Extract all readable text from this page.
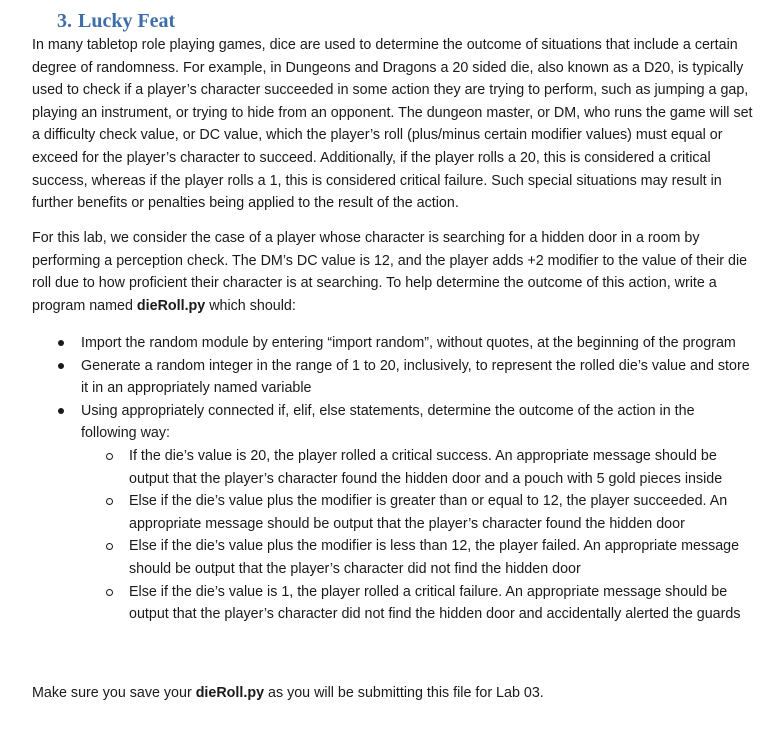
3. Lucky Feat

In many tabletop role playing games, dice are used to determine the outcome of situations that include a certain degree of randomness. For example, in Dungeons and Dragons a 20 sided die, also known as a D20, is typically used to check if a player’s character succeeded in some action they are trying to perform, such as jumping a gap, playing an instrument, or trying to hide from an opponent. The dungeon master, or DM, who runs the game will set a difficulty check value, or DC value, which the player’s roll (plus/minus certain modifier values) must equal or exceed for the player’s character to succeed. Additionally, if the player rolls a 20, this is considered a critical success, whereas if the player rolls a 1, this is considered critical failure. Such special situations may result in further benefits or penalties being applied to the result of the action.

For this lab, we consider the case of a player whose character is searching for a hidden door in a room by performing a perception check. The DM’s DC value is 12, and the player adds +2 modifier to the value of their die roll due to how proficient their character is at searching. To help determine the outcome of this action, write a program named dieRoll.py which should:

Import the random module by entering “import random”, without quotes, at the beginning of the program
Generate a random integer in the range of 1 to 20, inclusively, to represent the rolled die’s value and store it in an appropriately named variable
Using appropriately connected if, elif, else statements, determine the outcome of the action in the following way:
If the die’s value is 20, the player rolled a critical success. An appropriate message should be output that the player’s character found the hidden door and a pouch with 5 gold pieces inside
Else if the die’s value plus the modifier is greater than or equal to 12, the player succeeded. An appropriate message should be output that the player’s character found the hidden door
Else if the die’s value plus the modifier is less than 12, the player failed. An appropriate message should be output that the player’s character did not find the hidden door
Else if the die’s value is 1, the player rolled a critical failure. An appropriate message should be output that the player’s character did not find the hidden door and accidentally alerted the guards

Make sure you save your dieRoll.py as you will be submitting this file for Lab 03.
